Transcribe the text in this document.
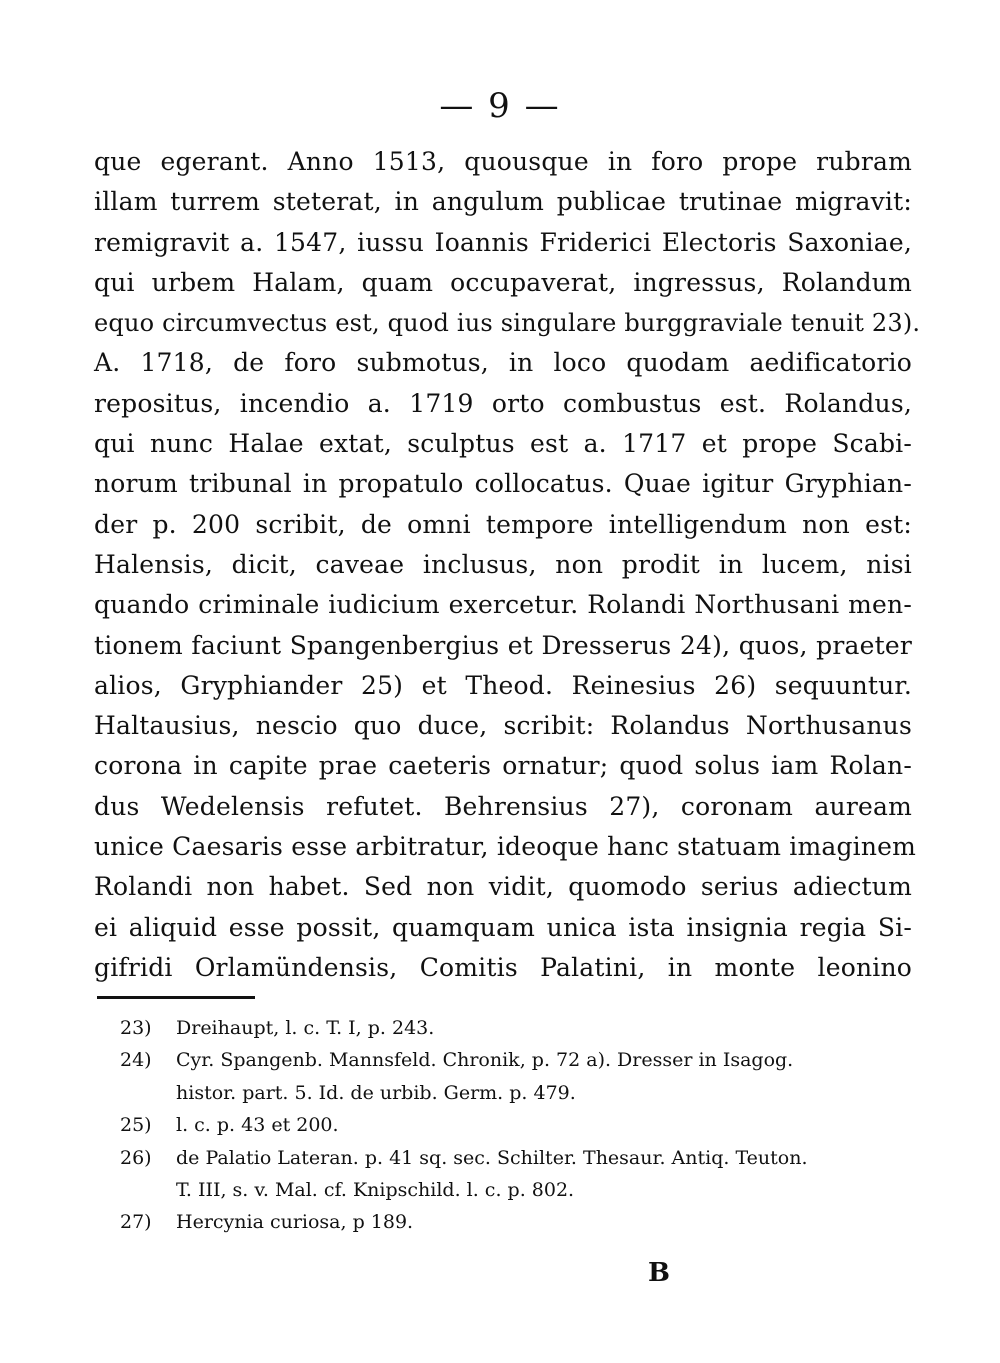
— 9 —
que egerant. Anno 1513, quousque in foro prope rubram
illam turrem steterat, in angulum publicae trutinae migravit:
remigravit a. 1547, iussu Ioannis Friderici Electoris Saxoniae,
qui urbem Halam, quam occupaverat, ingressus, Rolandum
equo circumvectus est, quod ius singulare burggraviale tenuit 23).
A. 1718, de foro submotus, in loco quodam aedificatorio
repositus, incendio a. 1719 orto combustus est. Rolandus,
qui nunc Halae extat, sculptus est a. 1717 et prope Scabi-
norum tribunal in propatulo collocatus. Quae igitur Gryphian-
der p. 200 scribit, de omni tempore intelligendum non est:
Halensis, dicit, caveae inclusus, non prodit in lucem, nisi
quando criminale iudicium exercetur. Rolandi Northusani men-
tionem faciunt Spangenbergius et Dresserus 24), quos, praeter
alios, Gryphiander 25) et Theod. Reinesius 26) sequuntur.
Haltausius, nescio quo duce, scribit: Rolandus Northusanus
corona in capite prae caeteris ornatur; quod solus iam Rolan-
dus Wedelensis refutet. Behrensius 27), coronam auream
unice Caesaris esse arbitratur, ideoque hanc statuam imaginem
Rolandi non habet. Sed non vidit, quomodo serius adiectum
ei aliquid esse possit, quamquam unica ista insignia regia Si-
gifridi Orlamündensis, Comitis Palatini, in monte leonino
23) Dreihaupt, l. c. T. I, p. 243.
24) Cyr. Spangenb. Mannsfeld. Chronik, p. 72 a). Dresser in Isagog.
histor. part. 5. Id. de urbib. Germ. p. 479.
25) l. c. p. 43 et 200.
26) de Palatio Lateran. p. 41 sq. sec. Schilter. Thesaur. Antiq. Teuton.
T. III, s. v. Mal. cf. Knipschild. l. c. p. 802.
27) Hercynia curiosa, p 189.
B
